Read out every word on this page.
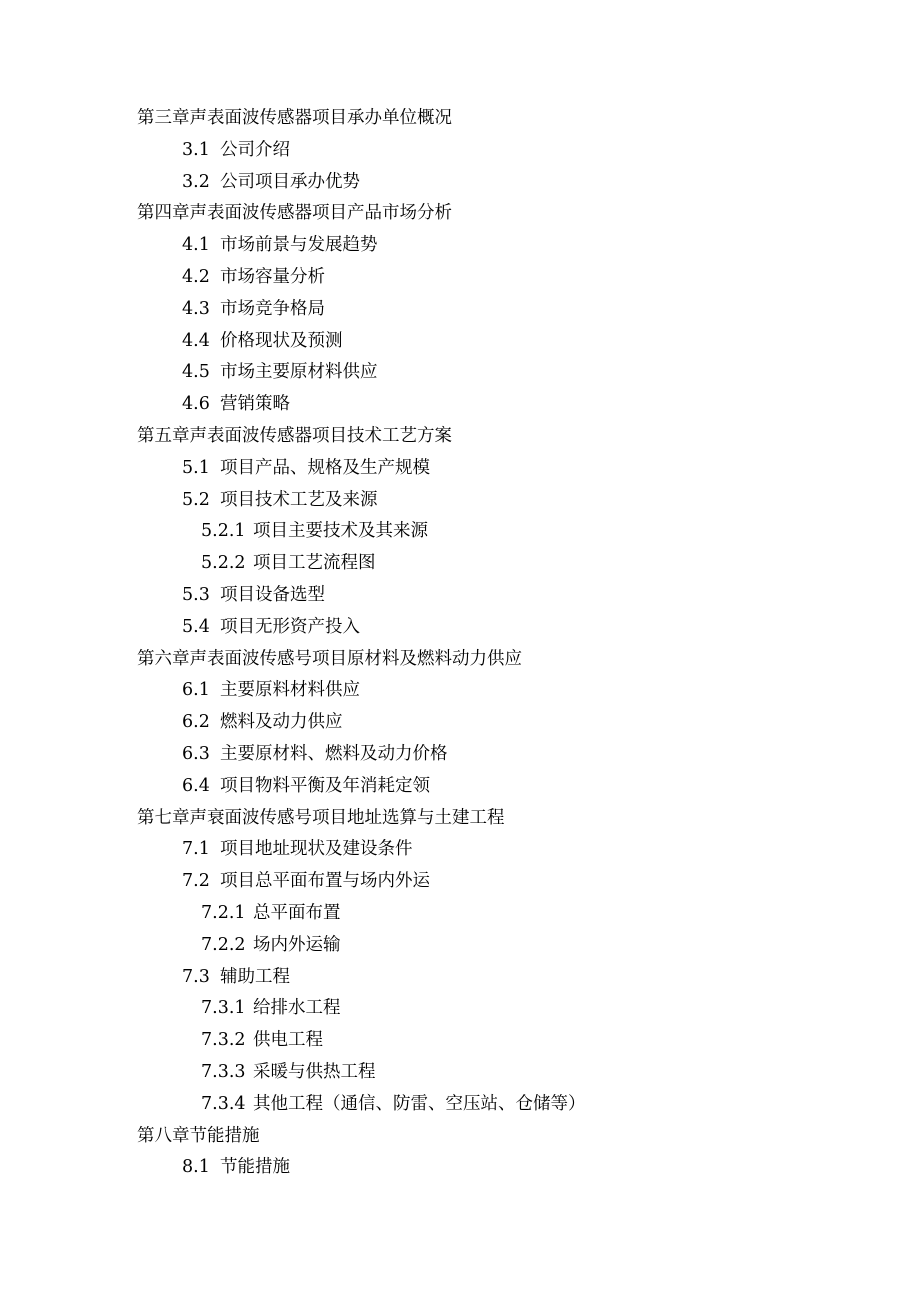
第三章声表面波传感器项目承办单位概况
3.1 公司介绍
3.2 公司项目承办优势
第四章声表面波传感器项目产品市场分析
4.1 市场前景与发展趋势
4.2 市场容量分析
4.3 市场竞争格局
4.4 价格现状及预测
4.5 市场主要原材料供应
4.6 营销策略
第五章声表面波传感器项目技术工艺方案
5.1 项目产品、规格及生产规模
5.2 项目技术工艺及来源
5.2.1 项目主要技术及其来源
5.2.2 项目工艺流程图
5.3 项目设备选型
5.4 项目无形资产投入
第六章声表面波传感号项目原材料及燃料动力供应
6.1 主要原料材料供应
6.2 燃料及动力供应
6.3 主要原材料、燃料及动力价格
6.4 项目物料平衡及年消耗定领
第七章声衰面波传感号项目地址选算与土建工程
7.1 项目地址现状及建设条件
7.2 项目总平面布置与场内外运
7.2.1 总平面布置
7.2.2 场内外运输
7.3 辅助工程
7.3.1 给排水工程
7.3.2 供电工程
7.3.3 采暖与供热工程
7.3.4 其他工程（通信、防雷、空压站、仓储等）
第八章节能措施
8.1 节能措施
